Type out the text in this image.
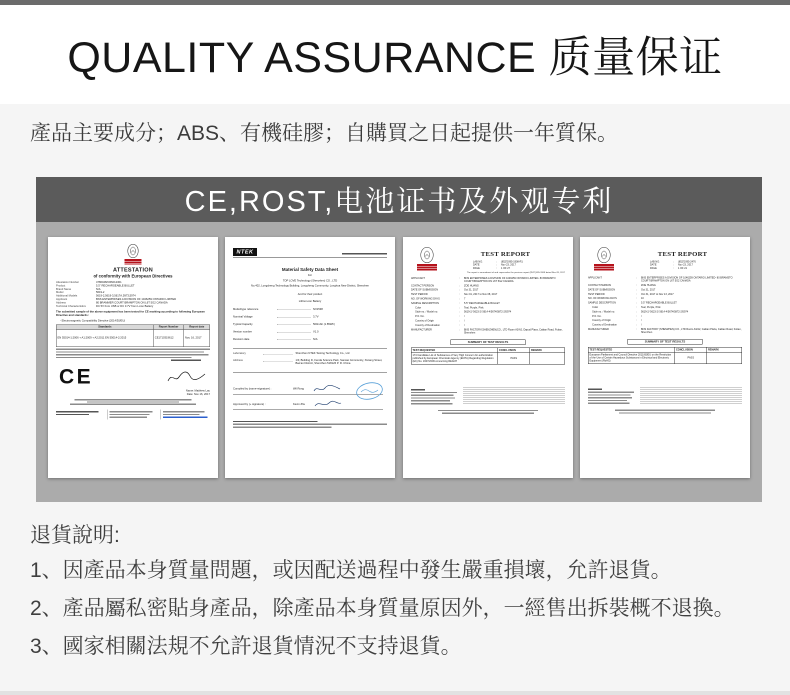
QUALITY ASSURANCE 质量保证

產品主要成分；ABS、有機硅膠；自購買之日起提供一年質保。

CE,ROST,电池证书及外观专利
ATTESTATION
of conformity with European Directives
Attestation Number	4786048/CRM/12301
Product	5.5" RECHARGEABLE BULLET
Brand Name	N/A
Model	5619-2
Additional Models	5619-2,5619-3,5617A,5973,5974
Applicant	BNS ENTERPRISES A DIVISION OF 1046259 ONTARIO LIMITED
Address	80 BRAMMER COURT BRAMPTON ON L6T 5G2 CANADA
Technical Characteristics	DC 5V from USB or DC 3.7V from Li-ion Battery
The submitted sample of the above equipment has been tested for CE marking according to following European Directive and standards:
- Electromagnetic Compatibility Directive (2014/30/EU)
Standards	Report Number	Report date
EN 55014-1:2006 + A1:2009 + A2:2011 EN 55014-2:2015	CE1710319612	Nov, 16, 2017
CE
Name: Matthew Lau
Date: Nov 16, 2017
NTEK
Material Safety Data Sheet
For
TOP LOVE Technology (Shenzhen) CO., LTD
No.402, Longcheng Technology Building, Longcheng Community, Longhua New District, Shenzhen
And for their product
Lithium-ion Battery
Model/type reference	NX1538
Nominal Voltage	3.7V
Typical Capacity	500mAh (1.85Wh)
Version number	V1.0
Revision date	N/A
Laboratory	Shenzhen NTEK Testing Technology Co., Ltd
Address	1/F, Building D, Fenda Science Park, Sanwei Community, Xixiang Street, Bao'an District, Shenzhen 518126 P. R. China
Compiled by (name+signature) :	Wil Rong
Approved by (+ signature) :	Kevin Zhu
TEST REPORT
LAB NO.	: (8527)095-1908-R1
DATE	: Nov 23, 2017
PAGE	: 1 OF 27
The report is amendment of and supersedes the previous report (8527)095-1908 dated Nov 09, 2017
APPLICANT	: BNS ENTERPRISES A DIVISION OF 1046259 ONTARIO LIMITED- 80 BRAMSTO COURT BRAMPTON ON L6T 5G2 CANADA
CONTACT PERSON	: ZOE HUANG
DATE OF SUBMISSION	: Oct 31, 2017
TEST PERIOD	: Nov 01, 2017 to Nov 08, 2017
NO. OF WORKING DAYS	: 7
SAMPLE DESCRIPTION	: 5.5" RECHARGEABLE BULLET
Color	: Teal, Purple, Pink
Style no. / Model no.	: 5619-2/ 5623-2/ 5614-4/5674/5872-2/5974
P.O. No.	: /
Country of Origin	: /
Country of Destination	: /
MANUFACTURER	: BNS FACTORY(SHENZHEN)CO., LTD Room A3/A2, Dapud Plaza, Caitian Road, Futian, Shenzhen
SUMMARY OF TEST RESULTS
TEST REQUESTED	CONCLUSION	REMARK
174 Candidate List of Substances of Very High Concern for authorization published by European Chemicals Agency (ECHA) Regarding Regulation (EC) No. 1907/2006 concerning REACH	PASS	
TEST REPORT
LAB NO.	: (8527)095-2476
DATE	: Nov 23, 2017
PAGE	: 1 OF 21
APPLICANT	: BNS ENTERPRISES A DIVISION OF 1046259 ONTARIO LIMITED- 80 BRAMSTO COURT BRAMPTON ON L6T 5G2 CANADA
CONTACT PERSON	: ZOE HUANG
DATE OF SUBMISSION	: Oct 31, 2017
TEST PERIOD	: Oct 31, 2017 to Nov 13, 2017
NO. OF WORKING DAYS	: 10
SAMPLE DESCRIPTION	: 5.5" RECHARGEABLE BULLET
Color	: Teal, Purple, Pink
Style no. / Model no.	: 5619-2/ 5623-2/ 5614-4/5674/5872-2/5974
P.O. No.	: /
Country of Origin	: /
Country of Destination	: /
MANUFACTURER	: BNS FACTORY (SHENZHEN) CO., LTD Room A3/A2, Caitian Plaza, Caitian Road, Futian, Shenzhen
SUMMARY OF TEST RESULTS
TEST REQUESTED	CONCLUSION	REMARK
European Parliament and Council Directive 2011/65/EU on the Restriction of the Use of Certain Hazardous Substances in Electrical and Electronic Equipment (RoHS)	PASS	
退貨說明:
1、因產品本身質量問題，或因配送過程中發生嚴重損壞，允許退貨。
2、產品屬私密貼身產品，除產品本身質量原因外，一經售出拆裝概不退換。
3、國家相關法規不允許退貨情況不支持退貨。
